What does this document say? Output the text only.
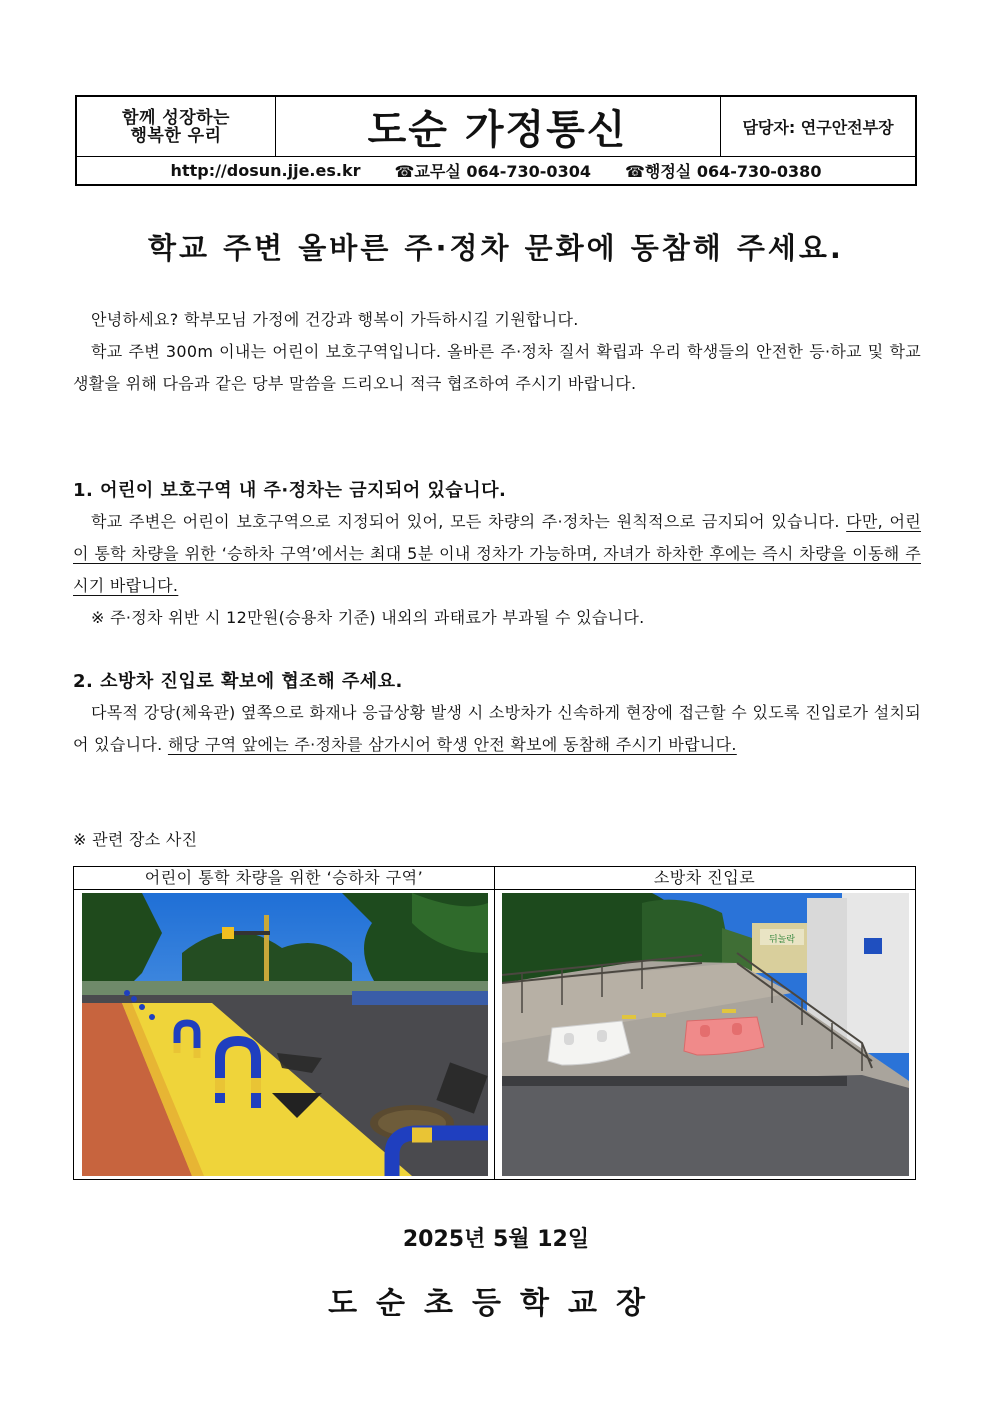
함께 성장하는
행복한 우리	도순 가정통신	담당자: 연구안전부장
http://dosun.jje.es.kr ☎교무실 064-730-0304 ☎행정실 064-730-0380
학교 주변 올바른 주·정차 문화에 동참해 주세요.
안녕하세요? 학부모님 가정에 건강과 행복이 가득하시길 기원합니다.
학교 주변 300m 이내는 어린이 보호구역입니다. 올바른 주·정차 질서 확립과 우리 학생들의 안전한 등·하교 및 학교생활을 위해 다음과 같은 당부 말씀을 드리오니 적극 협조하여 주시기 바랍니다.
1. 어린이 보호구역 내 주·정차는 금지되어 있습니다.
학교 주변은 어린이 보호구역으로 지정되어 있어, 모든 차량의 주·정차는 원칙적으로 금지되어 있습니다. 다만, 어린이 통학 차량을 위한 ‘승하차 구역’에서는 최대 5분 이내 정차가 가능하며, 자녀가 하차한 후에는 즉시 차량을 이동해 주시기 바랍니다.
※ 주·정차 위반 시 12만원(승용차 기준) 내외의 과태료가 부과될 수 있습니다.
2. 소방차 진입로 확보에 협조해 주세요.
다목적 강당(체육관) 옆쪽으로 화재나 응급상황 발생 시 소방차가 신속하게 현장에 접근할 수 있도록 진입로가 설치되어 있습니다. 해당 구역 앞에는 주·정차를 삼가시어 학생 안전 확보에 동참해 주시기 바랍니다.
※ 관련 장소 사진
어린이 통학 차량을 위한 ‘승하차 구역’	소방차 진입로
뒤놀락
2025년 5월 12일
도순초등학교장
